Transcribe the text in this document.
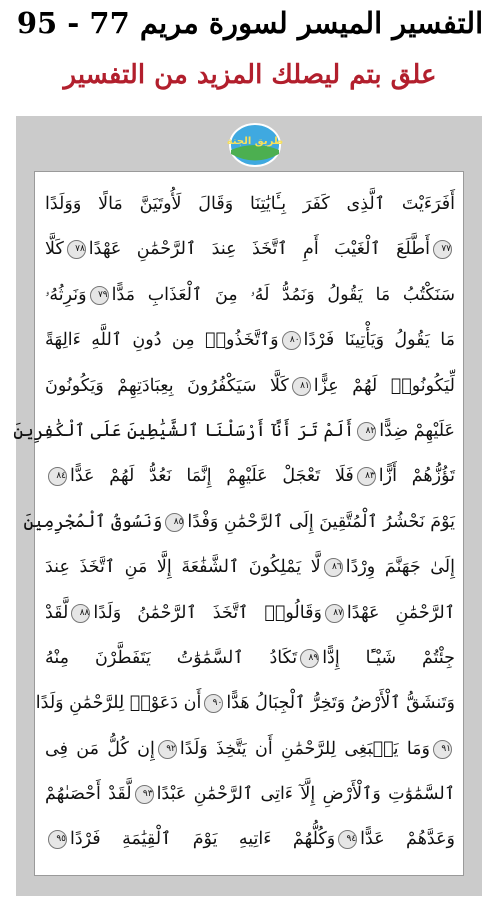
التفسير الميسر لسورة مريم 77 - 95
علق بتم ليصلك المزيد من التفسير
طريق الجنة
أَفَرَءَيْتَ ٱلَّذِى كَفَرَ بِـَٔايَٰتِنَا وَقَالَ لَأُوتَيَنَّ مَالًا وَوَلَدًا
٧٧أَطَّلَعَ ٱلْغَيْبَ أَمِ ٱتَّخَذَ عِندَ ٱلرَّحْمَٰنِ عَهْدًا٧٨كَلَّا
سَنَكْتُبُ مَا يَقُولُ وَنَمُدُّ لَهُۥ مِنَ ٱلْعَذَابِ مَدًّا٧٩وَنَرِثُهُۥ
مَا يَقُولُ وَيَأْتِينَا فَرْدًا٨٠وَٱتَّخَذُوا۟ مِن دُونِ ٱللَّهِ ءَالِهَةً
لِّيَكُونُوا۟ لَهُمْ عِزًّا٨١كَلَّا سَيَكْفُرُونَ بِعِبَادَتِهِمْ وَيَكُونُونَ
عَلَيْهِمْ ضِدًّا٨٢أَلَمْ تَرَ أَنَّآ أَرْسَلْنَا ٱلشَّيَٰطِينَ عَلَى ٱلْكَٰفِرِينَ
تَؤُزُّهُمْ أَزًّا٨٣فَلَا تَعْجَلْ عَلَيْهِمْ إِنَّمَا نَعُدُّ لَهُمْ عَدًّا٨٤
يَوْمَ نَحْشُرُ ٱلْمُتَّقِينَ إِلَى ٱلرَّحْمَٰنِ وَفْدًا٨٥وَنَسُوقُ ٱلْمُجْرِمِينَ
إِلَىٰ جَهَنَّمَ وِرْدًا٨٦لَّا يَمْلِكُونَ ٱلشَّفَٰعَةَ إِلَّا مَنِ ٱتَّخَذَ عِندَ
ٱلرَّحْمَٰنِ عَهْدًا٨٧وَقَالُوا۟ ٱتَّخَذَ ٱلرَّحْمَٰنُ وَلَدًا٨٨لَّقَدْ
جِئْتُمْ شَيْـًٔا إِدًّا٨٩تَكَادُ ٱلسَّمَٰوَٰتُ يَتَفَطَّرْنَ مِنْهُ
وَتَنشَقُّ ٱلْأَرْضُ وَتَخِرُّ ٱلْجِبَالُ هَدًّا٩٠أَن دَعَوْا۟ لِلرَّحْمَٰنِ وَلَدًا
٩١وَمَا يَنۢبَغِى لِلرَّحْمَٰنِ أَن يَتَّخِذَ وَلَدًا٩٢إِن كُلُّ مَن فِى
ٱلسَّمَٰوَٰتِ وَٱلْأَرْضِ إِلَّآ ءَاتِى ٱلرَّحْمَٰنِ عَبْدًا٩٣لَّقَدْ أَحْصَىٰهُمْ
وَعَدَّهُمْ عَدًّا٩٤وَكُلُّهُمْ ءَاتِيهِ يَوْمَ ٱلْقِيَٰمَةِ فَرْدًا٩٥
